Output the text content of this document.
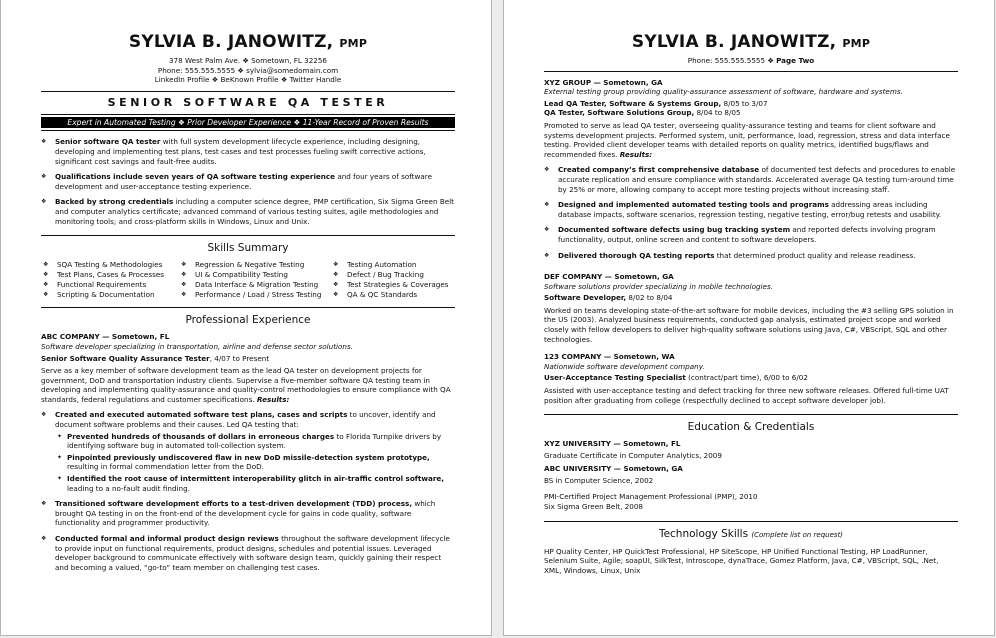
SYLVIA B. JANOWITZ, PMP
378 West Palm Ave. ❖ Sometown, FL 32256
Phone: 555.555.5555 ❖ sylvia@somedomain.com
LinkedIn Profile ❖ BeKnown Profile ❖ Twitter Handle
SENIOR SOFTWARE QA TESTER
Expert in Automated Testing ❖ Prior Developer Experience ❖ 11-Year Record of Proven Results
❖ Senior software QA tester with full system development lifecycle experience, including designing, developing and implementing test plans, test cases and test processes fueling swift corrective actions, significant cost savings and fault-free audits.
❖ Qualifications include seven years of QA software testing experience and four years of software development and user-acceptance testing experience.
❖ Backed by strong credentials including a computer science degree, PMP certification, Six Sigma Green Belt and computer analytics certificate; advanced command of various testing suites, agile methodologies and monitoring tools; and cross-platform skills in Windows, Linux and Unix.
Skills Summary
❖ SQA Testing & Methodologies
❖ Test Plans, Cases & Processes
❖ Functional Requirements
❖ Scripting & Documentation
❖ Regression & Negative Testing
❖ UI & Compatibility Testing
❖ Data Interface & Migration Testing
❖ Performance / Load / Stress Testing
❖ Testing Automation
❖ Defect / Bug Tracking
❖ Test Strategies & Coverages
❖ QA & QC Standards
Professional Experience
ABC COMPANY — Sometown, FL
Software developer specializing in transportation, airline and defense sector solutions.
Senior Software Quality Assurance Tester, 4/07 to Present
Serve as a key member of software development team as the lead QA tester on development projects for government, DoD and transportation industry clients. Supervise a five-member software QA testing team in developing and implementing quality-assurance and quality-control methodologies to ensure compliance with QA standards, federal regulations and customer specifications. Results:
❖ Created and executed automated software test plans, cases and scripts to uncover, identify and document software problems and their causes. Led QA testing that:
✦ Prevented hundreds of thousands of dollars in erroneous charges to Florida Turnpike drivers by identifying software bug in automated toll-collection system.
✦ Pinpointed previously undiscovered flaw in new DoD missile-detection system prototype, resulting in formal commendation letter from the DoD.
✦ Identified the root cause of intermittent interoperability glitch in air-traffic control software, leading to a no-fault audit finding.
❖ Transitioned software development efforts to a test-driven development (TDD) process, which brought QA testing in on the front-end of the development cycle for gains in code quality, software functionality and programmer productivity.
❖ Conducted formal and informal product design reviews throughout the software development lifecycle to provide input on functional requirements, product designs, schedules and potential issues. Leveraged developer background to communicate effectively with software design team, quickly gaining their respect and becoming a valued, “go-to” team member on challenging test cases.
SYLVIA B. JANOWITZ, PMP
Phone: 555.555.5555 ❖ Page Two
XYZ GROUP — Sometown, GA
External testing group providing quality-assurance assessment of software, hardware and systems.
Lead QA Tester, Software & Systems Group, 8/05 to 3/07
QA Tester, Software Solutions Group, 8/04 to 8/05
Promoted to serve as lead QA tester, overseeing quality-assurance testing and teams for client software and systems development projects. Performed system, unit, performance, load, regression, stress and data interface testing. Provided client developer teams with detailed reports on quality metrics, identified bugs/flaws and recommended fixes. Results:
❖ Created company’s first comprehensive database of documented test defects and procedures to enable accurate replication and ensure compliance with standards. Accelerated average QA testing turn-around time by 25% or more, allowing company to accept more testing projects without increasing staff.
❖ Designed and implemented automated testing tools and programs addressing areas including database impacts, software scenarios, regression testing, negative testing, error/bug retests and usability.
❖ Documented software defects using bug tracking system and reported defects involving program functionality, output, online screen and content to software developers.
❖ Delivered thorough QA testing reports that determined product quality and release readiness.
DEF COMPANY — Sometown, GA
Software solutions provider specializing in mobile technologies.
Software Developer, 8/02 to 8/04
Worked on teams developing state-of-the-art software for mobile devices, including the #3 selling GPS solution in the US (2003). Analyzed business requirements, conducted gap analysis, estimated project scope and worked closely with fellow developers to deliver high-quality software solutions using Java, C#, VBScript, SQL and other technologies.
123 COMPANY — Sometown, WA
Nationwide software development company.
User-Acceptance Testing Specialist (contract/part time), 6/00 to 6/02
Assisted with user-acceptance testing and defect tracking for three new software releases. Offered full-time UAT position after graduating from college (respectfully declined to accept software developer job).
Education & Credentials
XYZ UNIVERSITY — Sometown, FL
Graduate Certificate in Computer Analytics, 2009
ABC UNIVERSITY — Sometown, GA
BS in Computer Science, 2002
PMI-Certified Project Management Professional (PMP), 2010
Six Sigma Green Belt, 2008
Technology Skills (Complete list on request)
HP Quality Center, HP QuickTest Professional, HP SiteScope, HP Unified Functional Testing, HP LoadRunner, Selenium Suite, Agile; soapUI, SilkTest, Introscope, dynaTrace, Gomez Platform, Java, C#, VBScript, SQL, .Net, XML, Windows, Linux, Unix
